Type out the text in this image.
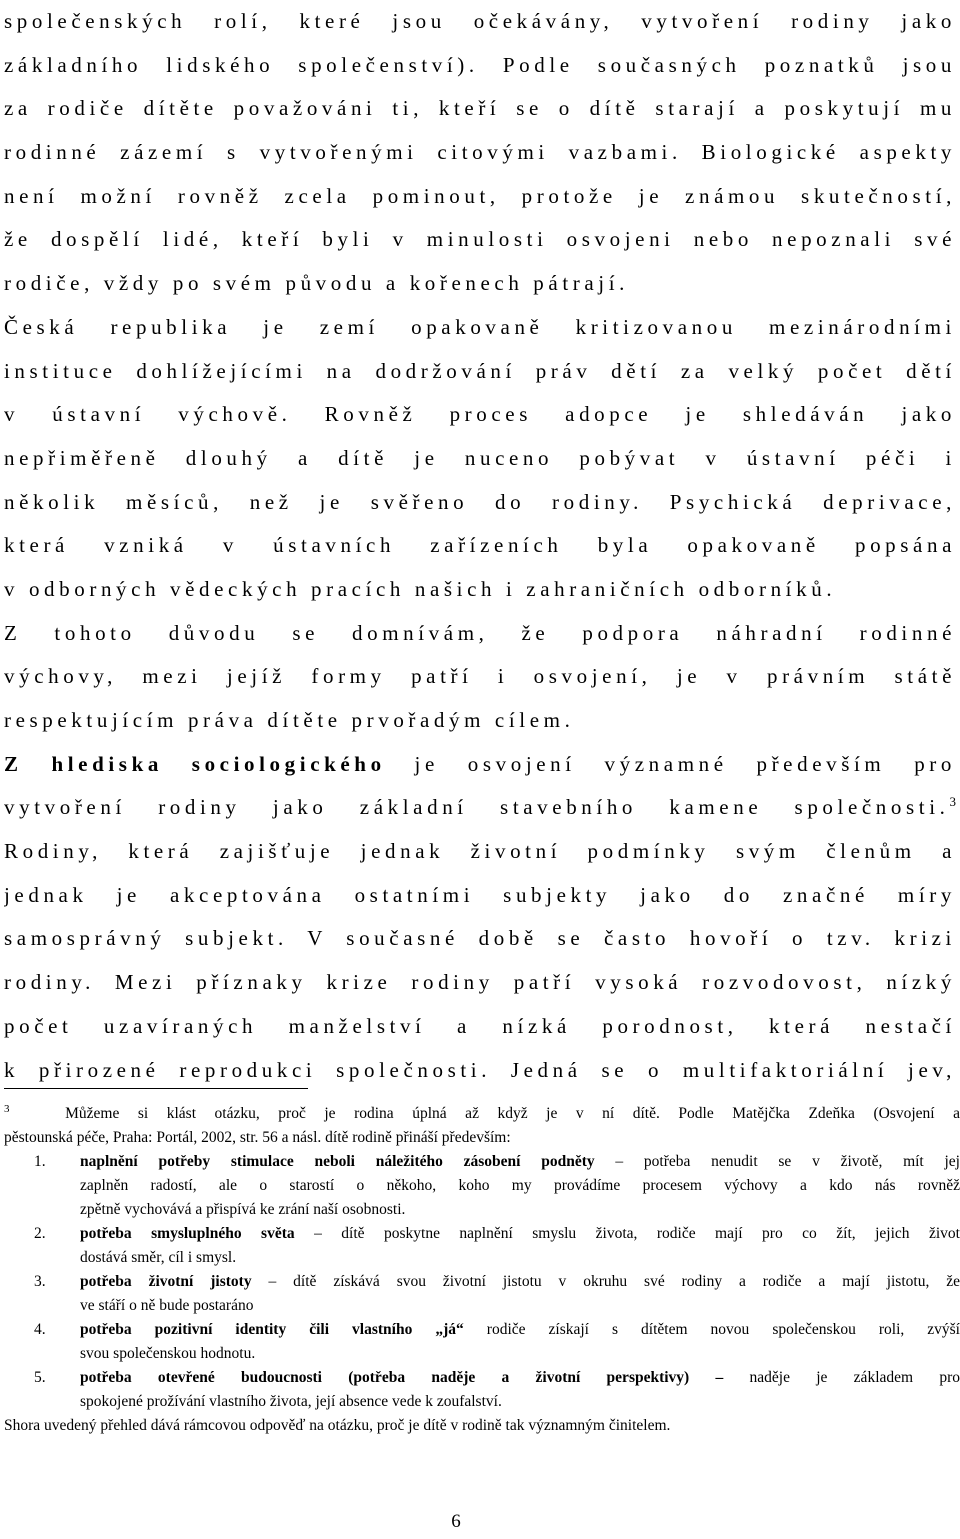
společenských rolí, které jsou očekávány, vytvoření rodiny jako
základního lidského společenství). Podle současných poznatků jsou
za rodiče dítěte považováni ti, kteří se o dítě starají a poskytují mu
rodinné zázemí s vytvořenými citovými vazbami. Biologické aspekty
není možní rovněž zcela pominout, protože je známou skutečností,
že dospělí lidé, kteří byli v minulosti osvojeni nebo nepoznali své
rodiče, vždy po svém původu a kořenech pátrají.
Česká republika je zemí opakovaně kritizovanou mezinárodními
instituce dohlížejícími na dodržování práv dětí za velký počet dětí
v ústavní výchově. Rovněž proces adopce je shledáván jako
nepřiměřeně dlouhý a dítě je nuceno pobývat v ústavní péči i
několik měsíců, než je svěřeno do rodiny. Psychická deprivace,
která vzniká v ústavních zařízeních byla opakovaně popsána
v odborných vědeckých pracích našich i zahraničních odborníků.
Z tohoto důvodu se domnívám, že podpora náhradní rodinné
výchovy, mezi jejíž formy patří i osvojení, je v právním státě
respektujícím práva dítěte prvořadým cílem.
Z hlediska sociologického je osvojení významné především pro
vytvoření rodiny jako základní stavebního kamene společnosti.$^3$
Rodiny, která zajišťuje jednak životní podmínky svým členům a
jednak je akceptována ostatními subjekty jako do značné míry
samosprávný subjekt. V současné době se často hovoří o tzv. krizi
rodiny. Mezi příznaky krize rodiny patří vysoká rozvodovost, nízký
počet uzavíraných manželství a nízká porodnost, která nestačí
k přirozené reprodukci společnosti. Jedná se o multifaktoriální jev,
$^3$	Můžeme si klást otázku, proč je rodina úplná až když je v ní dítě. Podle Matějčka Zdeňka (Osvojení a
pěstounská péče, Praha: Portál, 2002, str. 56 a násl. dítě rodině přináší především:
1. naplnění potřeby stimulace neboli náležitého zásobení podněty – potřeba nenudit se v životě, mít jej
zaplněn radostí, ale o starostí o někoho, koho my provádíme procesem výchovy a kdo nás rovněž
zpětně vychovává a přispívá ke zrání naší osobnosti.
2. potřeba smysluplného světa – dítě poskytne naplnění smyslu života, rodiče mají pro co žít, jejich život
dostává směr, cíl i smysl.
3. potřeba životní jistoty – dítě získává svou životní jistotu v okruhu své rodiny a rodiče a mají jistotu, že
ve stáří o ně bude postaráno
4. potřeba pozitivní identity čili vlastního „já“ rodiče získají s dítětem novou společenskou roli, zvýší
svou společenskou hodnotu.
5. potřeba otevřené budoucnosti (potřeba naděje a životní perspektivy) – naděje je základem pro
spokojené prožívání vlastního života, její absence vede k zoufalství.
Shora uvedený přehled dává rámcovou odpověď na otázku, proč je dítě v rodině tak významným činitelem.
6
